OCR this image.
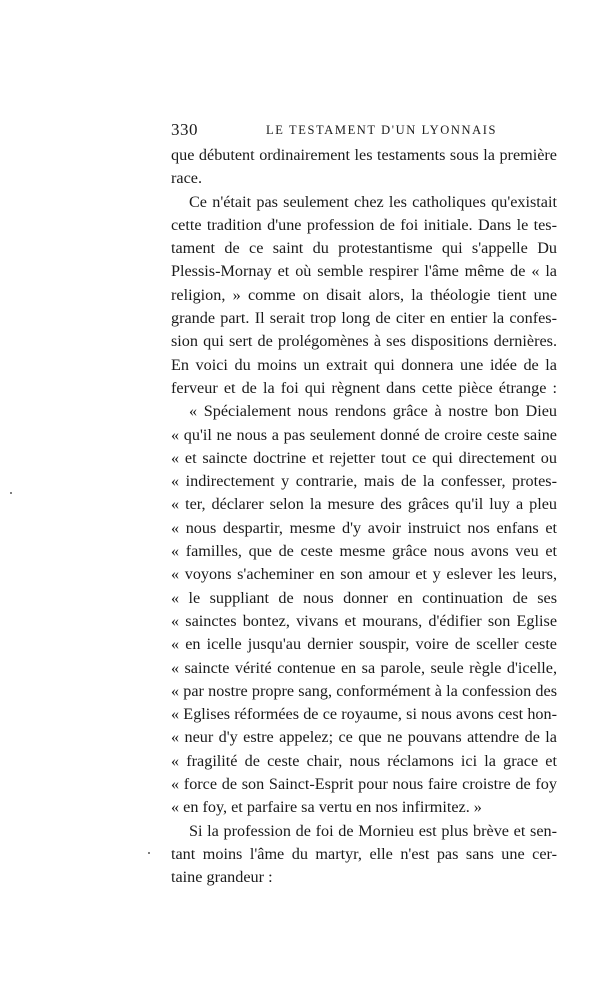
330	LE TESTAMENT D'UN LYONNAIS
que débutent ordinairement les testaments sous la première
race.
Ce n'était pas seulement chez les catholiques qu'existait
cette tradition d'une profession de foi initiale. Dans le tes-
tament de ce saint du protestantisme qui s'appelle Du
Plessis-Mornay et où semble respirer l'âme même de « la
religion, » comme on disait alors, la théologie tient une
grande part. Il serait trop long de citer en entier la confes-
sion qui sert de prolégomènes à ses dispositions dernières.
En voici du moins un extrait qui donnera une idée de la
ferveur et de la foi qui règnent dans cette pièce étrange :
« Spécialement nous rendons grâce à nostre bon Dieu
« qu'il ne nous a pas seulement donné de croire ceste saine
« et saincte doctrine et rejetter tout ce qui directement ou
« indirectement y contrarie, mais de la confesser, protes-
« ter, déclarer selon la mesure des grâces qu'il luy a pleu
« nous despartir, mesme d'y avoir instruict nos enfans et
« familles, que de ceste mesme grâce nous avons veu et
« voyons s'acheminer en son amour et y eslever les leurs,
« le suppliant de nous donner en continuation de ses
« sainctes bontez, vivans et mourans, d'édifier son Eglise
« en icelle jusqu'au dernier souspir, voire de sceller ceste
« saincte vérité contenue en sa parole, seule règle d'icelle,
« par nostre propre sang, conformément à la confession des
« Eglises réformées de ce royaume, si nous avons cest hon-
« neur d'y estre appelez; ce que ne pouvans attendre de la
« fragilité de ceste chair, nous réclamons ici la grace et
« force de son Sainct-Esprit pour nous faire croistre de foy
« en foy, et parfaire sa vertu en nos infirmitez. »
Si la profession de foi de Mornieu est plus brève et sen-
tant moins l'âme du martyr, elle n'est pas sans une cer-
taine grandeur :
